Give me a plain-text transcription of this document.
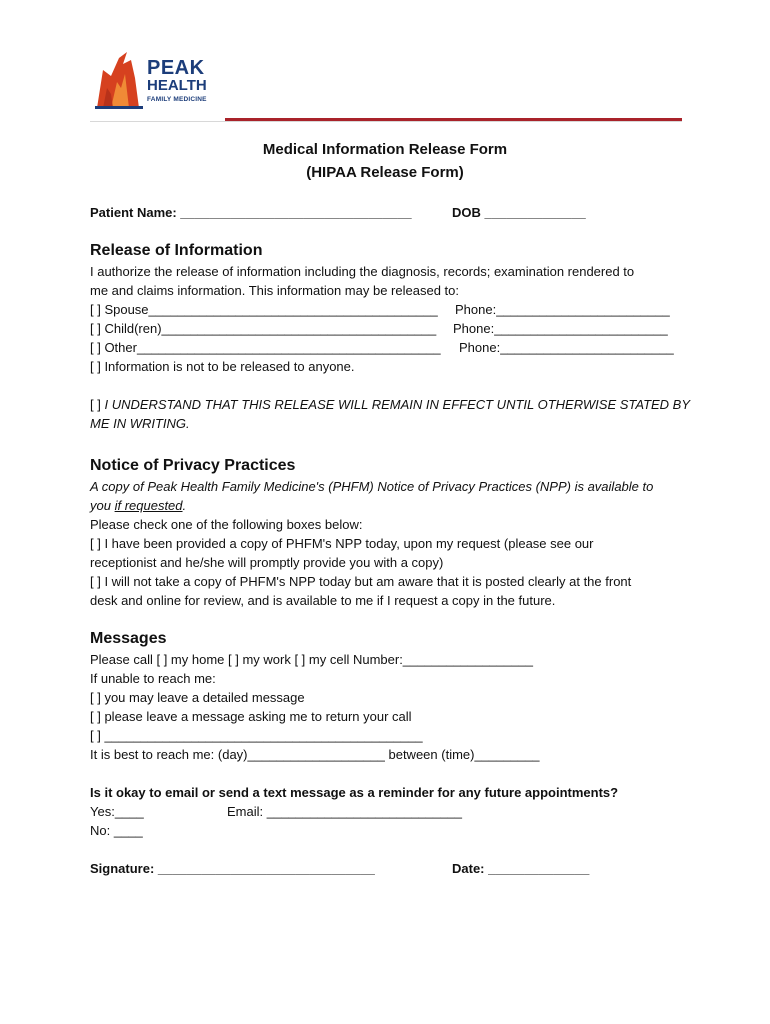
PEAK
HEALTH
FAMILY MEDICINE
Medical Information Release Form
(HIPAA Release Form)
Patient Name: ________________________________	DOB ______________
Release of Information
I authorize the release of information including the diagnosis, records; examination rendered to
me and claims information. This information may be released to:
[ ] Spouse________________________________________ Phone:________________________
[ ] Child(ren)______________________________________ Phone:________________________
[ ] Other__________________________________________ Phone:________________________
[ ] Information is not to be released to anyone.
[ ] I UNDERSTAND THAT THIS RELEASE WILL REMAIN IN EFFECT UNTIL OTHERWISE STATED BY
ME IN WRITING.
Notice of Privacy Practices
A copy of Peak Health Family Medicine's (PHFM) Notice of Privacy Practices (NPP) is available to
you if requested.
Please check one of the following boxes below:
[ ] I have been provided a copy of PHFM's NPP today, upon my request (please see our
receptionist and he/she will promptly provide you with a copy)
[ ] I will not take a copy of PHFM's NPP today but am aware that it is posted clearly at the front
desk and online for review, and is available to me if I request a copy in the future.
Messages
Please call [ ] my home [ ] my work [ ] my cell Number:__________________
If unable to reach me:
[ ] you may leave a detailed message
[ ] please leave a message asking me to return your call
[ ] ____________________________________________
It is best to reach me: (day)___________________ between (time)_________
Is it okay to email or send a text message as a reminder for any future appointments?
Yes:____	Email: ___________________________
No: ____
Signature: ______________________________	Date: ______________
